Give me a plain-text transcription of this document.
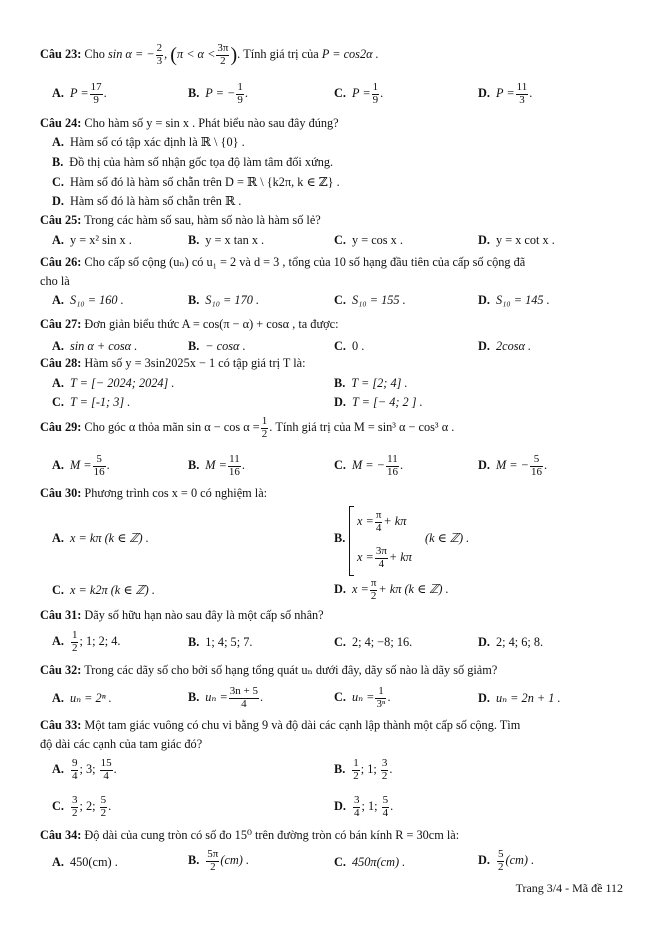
Câu 23: Cho sin α = − $\frac{2}{3}$ , ($\pi < \alpha < \frac{3\pi}{2}$ ). Tính giá trị của P = cos2α .
A. $P = \frac{17}{9}$ .	B. P = − $\frac{1}{9}$ .	C. $P = \frac{1}{9}$ .	D. $P = \frac{11}{3}$ .
Câu 24: Cho hàm số y = sin x . Phát biểu nào sau đây đúng?
A. Hàm số có tập xác định là ℝ \ {0} .
B. Đồ thị của hàm số nhận gốc tọa độ làm tâm đối xứng.
C. Hàm số đó là hàm số chẵn trên D = ℝ \ {k2π, k ∈ ℤ} .
D. Hàm số đó là hàm số chẵn trên ℝ .
Câu 25: Trong các hàm số sau, hàm số nào là hàm số lẻ?
A. y = x² sin x .	B. y = x tan x .	C. y = cos x .	D. y = x cot x .
Câu 26: Cho cấp số cộng (uₙ) có u₁ = 2 và d = 3 , tổng của 10 số hạng đầu tiên của cấp số cộng đã
cho là
A. S₁₀ = 160 .	B. S₁₀ = 170 .	C. S₁₀ = 155 .	D. S₁₀ = 145 .
Câu 27: Đơn giản biểu thức A = cos(π − α) + cosα , ta được:
A. sin α + cosα .	B. − cosα .	C. 0 .	D. 2cosα .
Câu 28: Hàm số y = 3sin2025x − 1 có tập giá trị T là:
A. T = [− 2024; 2024] .	B. T = [2; 4] .
C. T = [-1; 3] .	D. T = [− 4; 2 ] .
Câu 29: Cho góc α thỏa mãn $\sin \alpha - \cos \alpha = \frac{1}{2}$ . Tính giá trị của M = sin³ α − cos³ α .
A. $M = \frac{5}{16}$ .	B. $M = \frac{11}{16}$ .	C. M = − $\frac{11}{16}$ .	D. M = − $\frac{5}{16}$ .
Câu 30: Phương trình cos x = 0 có nghiệm là:
A. x = kπ (k ∈ ℤ) .	B.
$x = \frac{\pi}{4} + k\pi$
$x = \frac{3\pi}{4} + k\pi$
(k ∈ ℤ) .
C. x = k2π (k ∈ ℤ) .	D. $x = \frac{\pi}{2} + k\pi$ (k ∈ ℤ) .
Câu 31: Dãy số hữu hạn nào sau đây là một cấp số nhân?
A. $\frac{1}{2}$ ; 1; 2; 4.	B. 1; 4; 5; 7.	C. 2; 4; −8; 16.	D. 2; 4; 6; 8.
Câu 32: Trong các dãy số cho bởi số hạng tổng quát uₙ dưới đây, dãy số nào là dãy số giảm?
A. uₙ = 2ⁿ .	B. $u_n = \frac{3n + 5}{4}$ .	C. $u_n = \frac{1}{\text{3ⁿ}}$ .	D. uₙ = 2n + 1 .
Câu 33: Một tam giác vuông có chu vi bằng 9 và độ dài các cạnh lập thành một cấp số cộng. Tìm
độ dài các cạnh của tam giác đó?
A. $\frac{9}{4}$ ; 3; $\frac{15}{4}$ .	B. $\frac{1}{2}$ ; 1; $\frac{3}{2}$ .
C. $\frac{3}{2}$ ; 2; $\frac{5}{2}$ .	D. $\frac{3}{4}$ ; 1; $\frac{5}{4}$ .
Câu 34: Độ dài của cung tròn có số đo 15⁰ trên đường tròn có bán kính R = 30cm là:
A. 450(cm) .	B. $\frac{5\pi}{2} (cm)$ .	C. 450π(cm) .	D. $\frac{5}{2} (cm)$ .
Trang 3/4 - Mã đề 112
